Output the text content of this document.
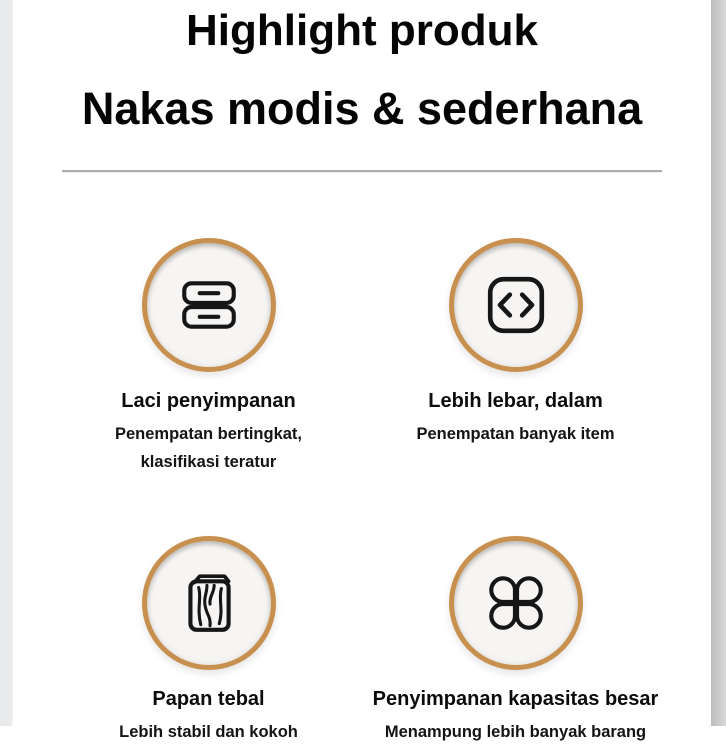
Highlight produk
Nakas modis & sederhana
Laci penyimpanan
Penempatan bertingkat,
klasifikasi teratur
Lebih lebar, dalam
Penempatan banyak item
Papan tebal
Lebih stabil dan kokoh
Penyimpanan kapasitas besar
Menampung lebih banyak barang
